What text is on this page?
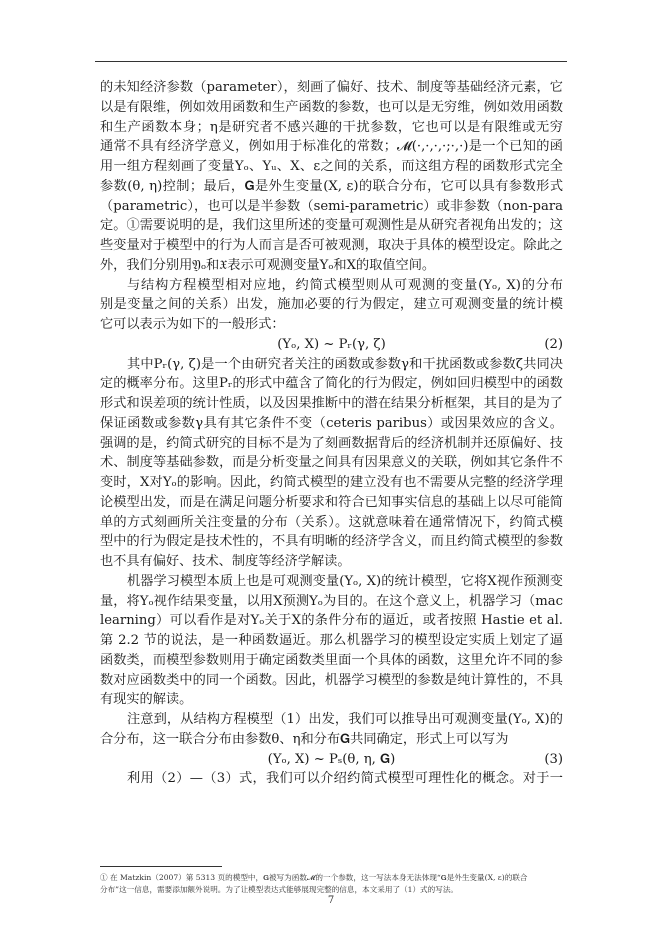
的未知经济参数（parameter），刻画了偏好、技术、制度等基础经济元素，它
以是有限维，例如效用函数和生产函数的参数，也可以是无穷维，例如效用函数
和生产函数本身；η是研究者不感兴趣的干扰参数，它也可以是有限维或无穷
通常不具有经济学意义，例如用于标准化的常数；𝓜(·,·,·,·;·,·)是一个已知的函
用一组方程刻画了变量Yₒ、Yᵤ、X、ε之间的关系，而这组方程的函数形式完全
参数(θ, η)控制；最后，𝐆是外生变量(X, ε)的联合分布，它可以具有参数形式
（parametric），也可以是半参数（semi-parametric）或非参数（non-para
定。①需要说明的是，我们这里所述的变量可观测性是从研究者视角出发的；这
些变量对于模型中的行为人而言是否可被观测，取决于具体的模型设定。除此之
外，我们分别用𝔜ₒ和𝔛表示可观测变量Yₒ和X的取值空间。
与结构方程模型相对应地，约简式模型则从可观测的变量(Yₒ, X)的分布
别是变量之间的关系）出发，施加必要的行为假定，建立可观测变量的统计模
它可以表示为如下的一般形式：
(Yₒ, X) ~ Pᵣ(γ, ζ)	(2)
其中Pᵣ(γ, ζ)是一个由研究者关注的函数或参数γ和干扰函数或参数ζ共同决
定的概率分布。这里Pᵣ的形式中蕴含了简化的行为假定，例如回归模型中的函数
形式和误差项的统计性质，以及因果推断中的潜在结果分析框架，其目的是为了
保证函数或参数γ具有其它条件不变（ceteris paribus）或因果效应的含义。
强调的是，约简式研究的目标不是为了刻画数据背后的经济机制并还原偏好、技
术、制度等基础参数，而是分析变量之间具有因果意义的关联，例如其它条件不
变时，X对Yₒ的影响。因此，约简式模型的建立没有也不需要从完整的经济学理
论模型出发，而是在满足问题分析要求和符合已知事实信息的基础上以尽可能简
单的方式刻画所关注变量的分布（关系）。这就意味着在通常情况下，约简式模
型中的行为假定是技术性的，不具有明晰的经济学含义，而且约简式模型的参数
也不具有偏好、技术、制度等经济学解读。
机器学习模型本质上也是可观测变量(Yₒ, X)的统计模型，它将X视作预测变
量，将Yₒ视作结果变量，以用X预测Yₒ为目的。在这个意义上，机器学习（mac
learning）可以看作是对Yₒ关于X的条件分布的逼近，或者按照 Hastie et al.
第 2.2 节的说法，是一种函数逼近。那么机器学习的模型设定实质上划定了逼
函数类，而模型参数则用于确定函数类里面一个具体的函数，这里允许不同的参
数对应函数类中的同一个函数。因此，机器学习模型的参数是纯计算性的，不具
有现实的解读。
注意到，从结构方程模型（1）出发，我们可以推导出可观测变量(Yₒ, X)的
合分布，这一联合分布由参数θ、η和分布𝐆共同确定，形式上可以写为
(Yₒ, X) ~ Pₛ(θ, η, 𝐆)	(3)
利用（2）—（3）式，我们可以介绍约简式模型可理性化的概念。对于一
① 在 Matzkin（2007）第 5313 页的模型中，𝐆被写为函数𝓜的一个参数，这一写法本身无法体现“𝐆是外生变量(X, ε)的联合
分布”这一信息，需要添加额外说明。为了让模型表达式能够展现完整的信息，本文采用了（1）式的写法。
7
